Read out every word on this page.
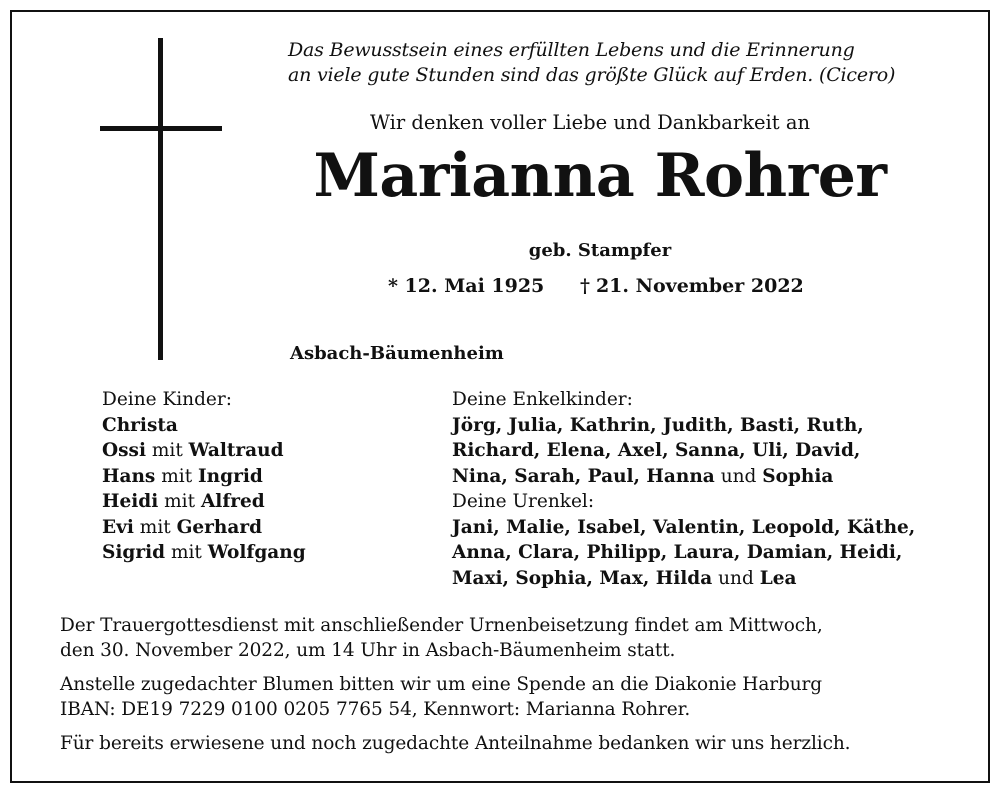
Das Bewusstsein eines erfüllten Lebens und die Erinnerung
an viele gute Stunden sind das größte Glück auf Erden. (Cicero)
Wir denken voller Liebe und Dankbarkeit an
Marianna Rohrer
geb. Stampfer
* 12. Mai 1925 † 21. November 2022
Asbach-Bäumenheim
Deine Kinder:
Christa
Ossi mit Waltraud
Hans mit Ingrid
Heidi mit Alfred
Evi mit Gerhard
Sigrid mit Wolfgang
Deine Enkelkinder:
Jörg, Julia, Kathrin, Judith, Basti, Ruth,
Richard, Elena, Axel, Sanna, Uli, David,
Nina, Sarah, Paul, Hanna und Sophia
Deine Urenkel:
Jani, Malie, Isabel, Valentin, Leopold, Käthe,
Anna, Clara, Philipp, Laura, Damian, Heidi,
Maxi, Sophia, Max, Hilda und Lea
Der Trauergottesdienst mit anschließender Urnenbeisetzung findet am Mittwoch,
den 30. November 2022, um 14 Uhr in Asbach-Bäumenheim statt.
Anstelle zugedachter Blumen bitten wir um eine Spende an die Diakonie Harburg
IBAN: DE19 7229 0100 0205 7765 54, Kennwort: Marianna Rohrer.
Für bereits erwiesene und noch zugedachte Anteilnahme bedanken wir uns herzlich.
